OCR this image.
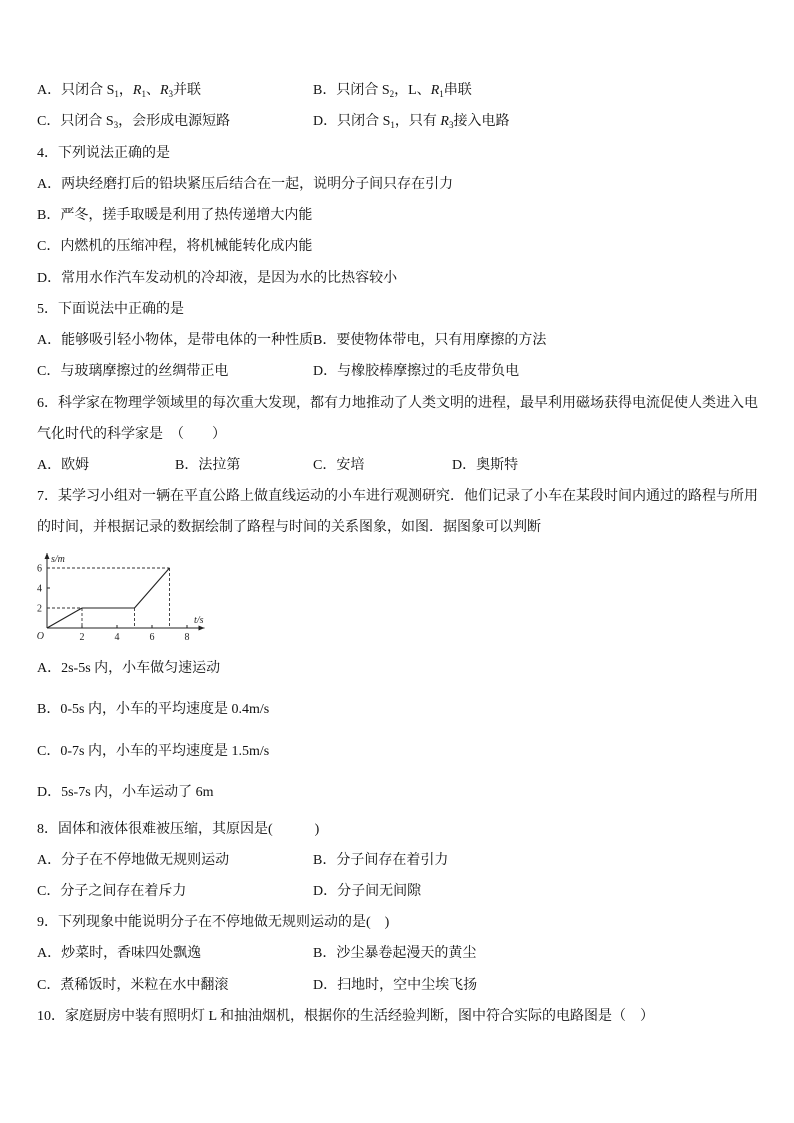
A．只闭合 $S_1$，$R_1$、$R_3$并联	B．只闭合 $S_2$，L、$R_1$串联
C．只闭合 $S_3$，会形成电源短路	D．只闭合 $S_1$，只有 $R_3$接入电路
4．下列说法正确的是
A．两块经磨打后的铅块紧压后结合在一起，说明分子间只存在引力
B．严冬，搓手取暖是利用了热传递增大内能
C．内燃机的压缩冲程，将机械能转化成内能
D．常用水作汽车发动机的冷却液，是因为水的比热容较小
5．下面说法中正确的是
A．能够吸引轻小物体，是带电体的一种性质 B．要使物体带电，只有用摩擦的方法
C．与玻璃摩擦过的丝绸带正电	D．与橡胶棒摩擦过的毛皮带负电
6．科学家在物理学领域里的每次重大发现，都有力地推动了人类文明的进程，最早利用磁场获得电流促使人类进入电
气化时代的科学家是　（　　）
A．欧姆	B．法拉第	C．安培	D．奥斯特
7．某学习小组对一辆在平直公路上做直线运动的小车进行观测研究．他们记录了小车在某段时间内通过的路程与所用
的时间，并根据记录的数据绘制了路程与时间的关系图象，如图．据图象可以判断
2	4	6	8
2
4
6
O
s/m
t/s
A．2s-5s 内，小车做匀速运动
B．0-5s 内，小车的平均速度是 0.4m/s
C．0-7s 内，小车的平均速度是 1.5m/s
D．5s-7s 内，小车运动了 6m
8．固体和液体很难被压缩，其原因是(　　　)
A．分子在不停地做无规则运动	B．分子间存在着引力
C．分子之间存在着斥力	D．分子间无间隙
9．下列现象中能说明分子在不停地做无规则运动的是(　)
A．炒菜时，香味四处飘逸	B．沙尘暴卷起漫天的黄尘
C．煮稀饭时，米粒在水中翻滚	D．扫地时，空中尘埃飞扬
10．家庭厨房中装有照明灯 L 和抽油烟机，根据你的生活经验判断，图中符合实际的电路图是（　）
